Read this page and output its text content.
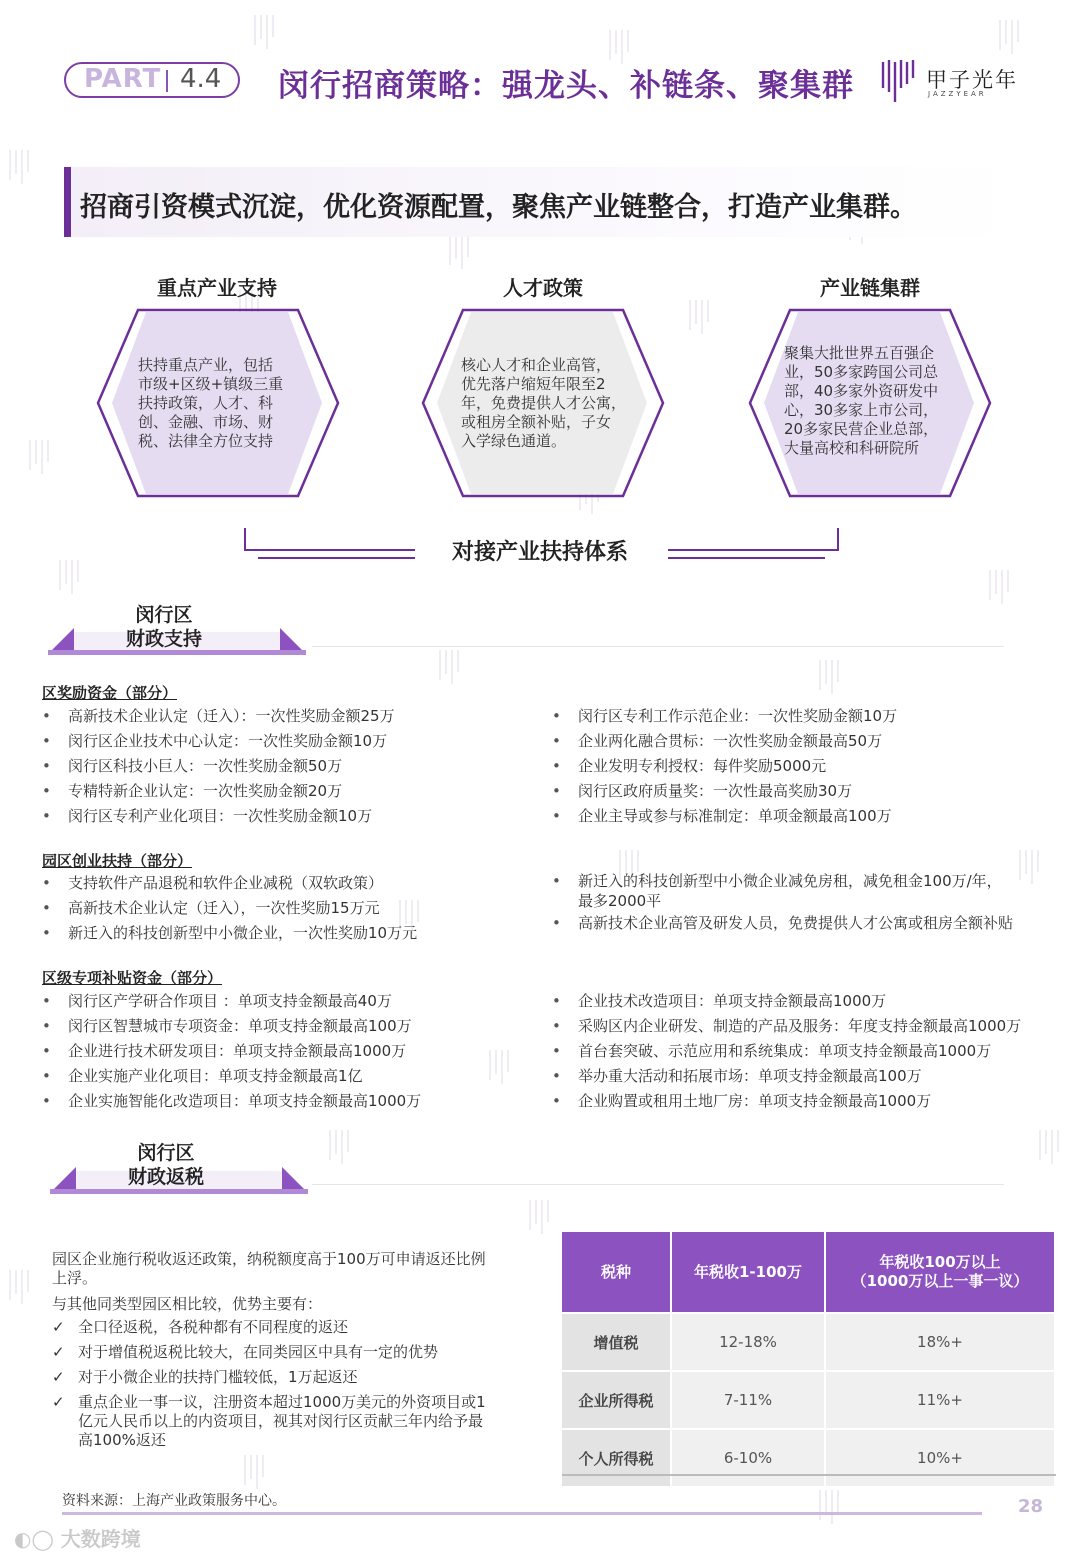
PART 4.4 闵行招商策略：强龙头、补链条、聚集群	甲子光年
JAZZYEAR
招商引资模式沉淀，优化资源配置，聚焦产业链整合，打造产业集群。
重点产业支持	人才政策	产业链集群
扶持重点产业，包括
市级+区级+镇级三重
扶持政策，人才、科
创、金融、市场、财
税、法律全方位支持
核心人才和企业高管，
优先落户缩短年限至2
年，免费提供人才公寓，
或租房全额补贴，子女
入学绿色通道。
聚集大批世界五百强企
业，50多家跨国公司总
部，40多家外资研发中
心，30多家上市公司，
20多家民营企业总部，
大量高校和科研院所
对接产业扶持体系
闵行区
财政支持
区奖励资金（部分）
• 高新技术企业认定（迁入）：一次性奖励金额25万
• 闵行区企业技术中心认定：一次性奖励金额10万
• 闵行区科技小巨人：一次性奖励金额50万
• 专精特新企业认定：一次性奖励金额20万
• 闵行区专利产业化项目：一次性奖励金额10万
• 闵行区专利工作示范企业：一次性奖励金额10万
• 企业两化融合贯标：一次性奖励金额最高50万
• 企业发明专利授权：每件奖励5000元
• 闵行区政府质量奖：一次性最高奖励30万
• 企业主导或参与标准制定：单项金额最高100万
园区创业扶持（部分）
• 支持软件产品退税和软件企业减税（双软政策）
• 高新技术企业认定（迁入），一次性奖励15万元
• 新迁入的科技创新型中小微企业，一次性奖励10万元
• 新迁入的科技创新型中小微企业减免房租，减免租金100万/年，
最多2000平
• 高新技术企业高管及研发人员，免费提供人才公寓或租房全额补贴
区级专项补贴资金（部分）
• 闵行区产学研合作项目 ：单项支持金额最高40万
• 闵行区智慧城市专项资金：单项支持金额最高100万
• 企业进行技术研发项目：单项支持金额最高1000万
• 企业实施产业化项目：单项支持金额最高1亿
• 企业实施智能化改造项目：单项支持金额最高1000万
• 企业技术改造项目：单项支持金额最高1000万
• 采购区内企业研发、制造的产品及服务：年度支持金额最高1000万
• 首台套突破、示范应用和系统集成：单项支持金额最高1000万
• 举办重大活动和拓展市场：单项支持金额最高100万
• 企业购置或租用土地厂房：单项支持金额最高1000万
闵行区
财政返税
园区企业施行税收返还政策，纳税额度高于100万可申请返还比例
上浮。
与其他同类型园区相比较，优势主要有：
✓ 全口径返税，各税种都有不同程度的返还
✓ 对于增值税返税比较大，在同类园区中具有一定的优势
✓ 对于小微企业的扶持门槛较低，1万起返还
✓ 重点企业一事一议，注册资本超过1000万美元的外资项目或1
亿元人民币以上的内资项目，视其对闵行区贡献三年内给予最
高100%返还
税种	年税收1-100万	年税收100万以上
（1000万以上一事一议）

增值税	12-18%	18%+
企业所得税	7-11%	11%+
个人所得税	6-10%	10%+
资料来源：上海产业政策服务中心。	28
◐◯ 大数跨境
